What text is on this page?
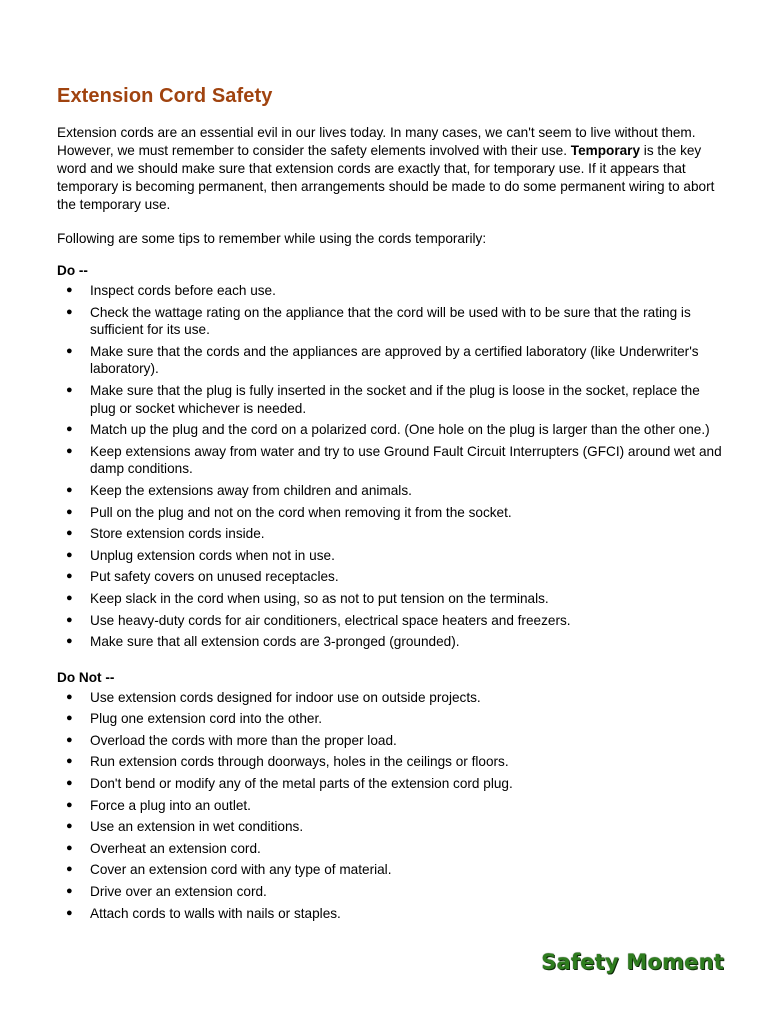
Extension Cord Safety

Extension cords are an essential evil in our lives today. In many cases, we can't seem to live without them. However, we must remember to consider the safety elements involved with their use. Temporary is the key word and we should make sure that extension cords are exactly that, for temporary use. If it appears that temporary is becoming permanent, then arrangements should be made to do some permanent wiring to abort the temporary use.

Following are some tips to remember while using the cords temporarily:

Do --

● Inspect cords before each use.
● Check the wattage rating on the appliance that the cord will be used with to be sure that the rating is sufficient for its use.
● Make sure that the cords and the appliances are approved by a certified laboratory (like Underwriter's laboratory).
● Make sure that the plug is fully inserted in the socket and if the plug is loose in the socket, replace the plug or socket whichever is needed.
● Match up the plug and the cord on a polarized cord. (One hole on the plug is larger than the other one.)
● Keep extensions away from water and try to use Ground Fault Circuit Interrupters (GFCI) around wet and damp conditions.
● Keep the extensions away from children and animals.
● Pull on the plug and not on the cord when removing it from the socket.
● Store extension cords inside.
● Unplug extension cords when not in use.
● Put safety covers on unused receptacles.
● Keep slack in the cord when using, so as not to put tension on the terminals.
● Use heavy-duty cords for air conditioners, electrical space heaters and freezers.
● Make sure that all extension cords are 3-pronged (grounded).

Do Not --

● Use extension cords designed for indoor use on outside projects.
● Plug one extension cord into the other.
● Overload the cords with more than the proper load.
● Run extension cords through doorways, holes in the ceilings or floors.
● Don't bend or modify any of the metal parts of the extension cord plug.
● Force a plug into an outlet.
● Use an extension in wet conditions.
● Overheat an extension cord.
● Cover an extension cord with any type of material.
● Drive over an extension cord.
● Attach cords to walls with nails or staples.
Safety Moment
